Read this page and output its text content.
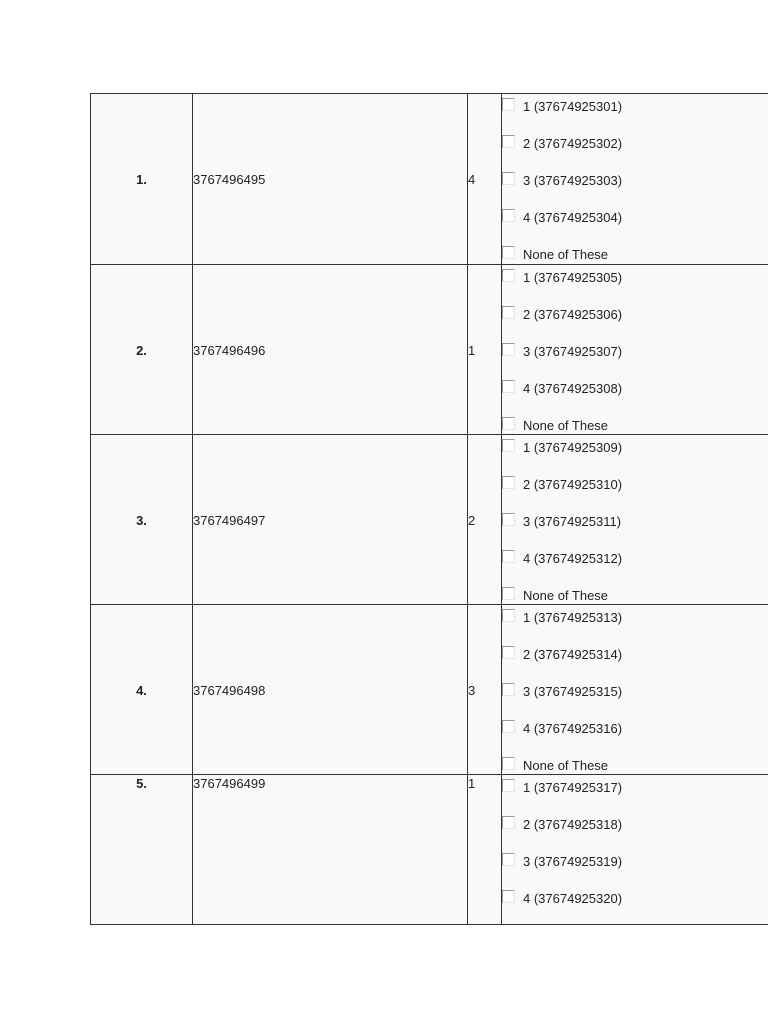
1.	3767496495	4
1 (37674925301)
2 (37674925302)
3 (37674925303)
4 (37674925304)
None of These
2.	3767496496	1
1 (37674925305)
2 (37674925306)
3 (37674925307)
4 (37674925308)
None of These
3.	3767496497	2
1 (37674925309)
2 (37674925310)
3 (37674925311)
4 (37674925312)
None of These
4.	3767496498	3
1 (37674925313)
2 (37674925314)
3 (37674925315)
4 (37674925316)
None of These
5.	3767496499	1	1 (37674925317)
2 (37674925318)
3 (37674925319)
4 (37674925320)
